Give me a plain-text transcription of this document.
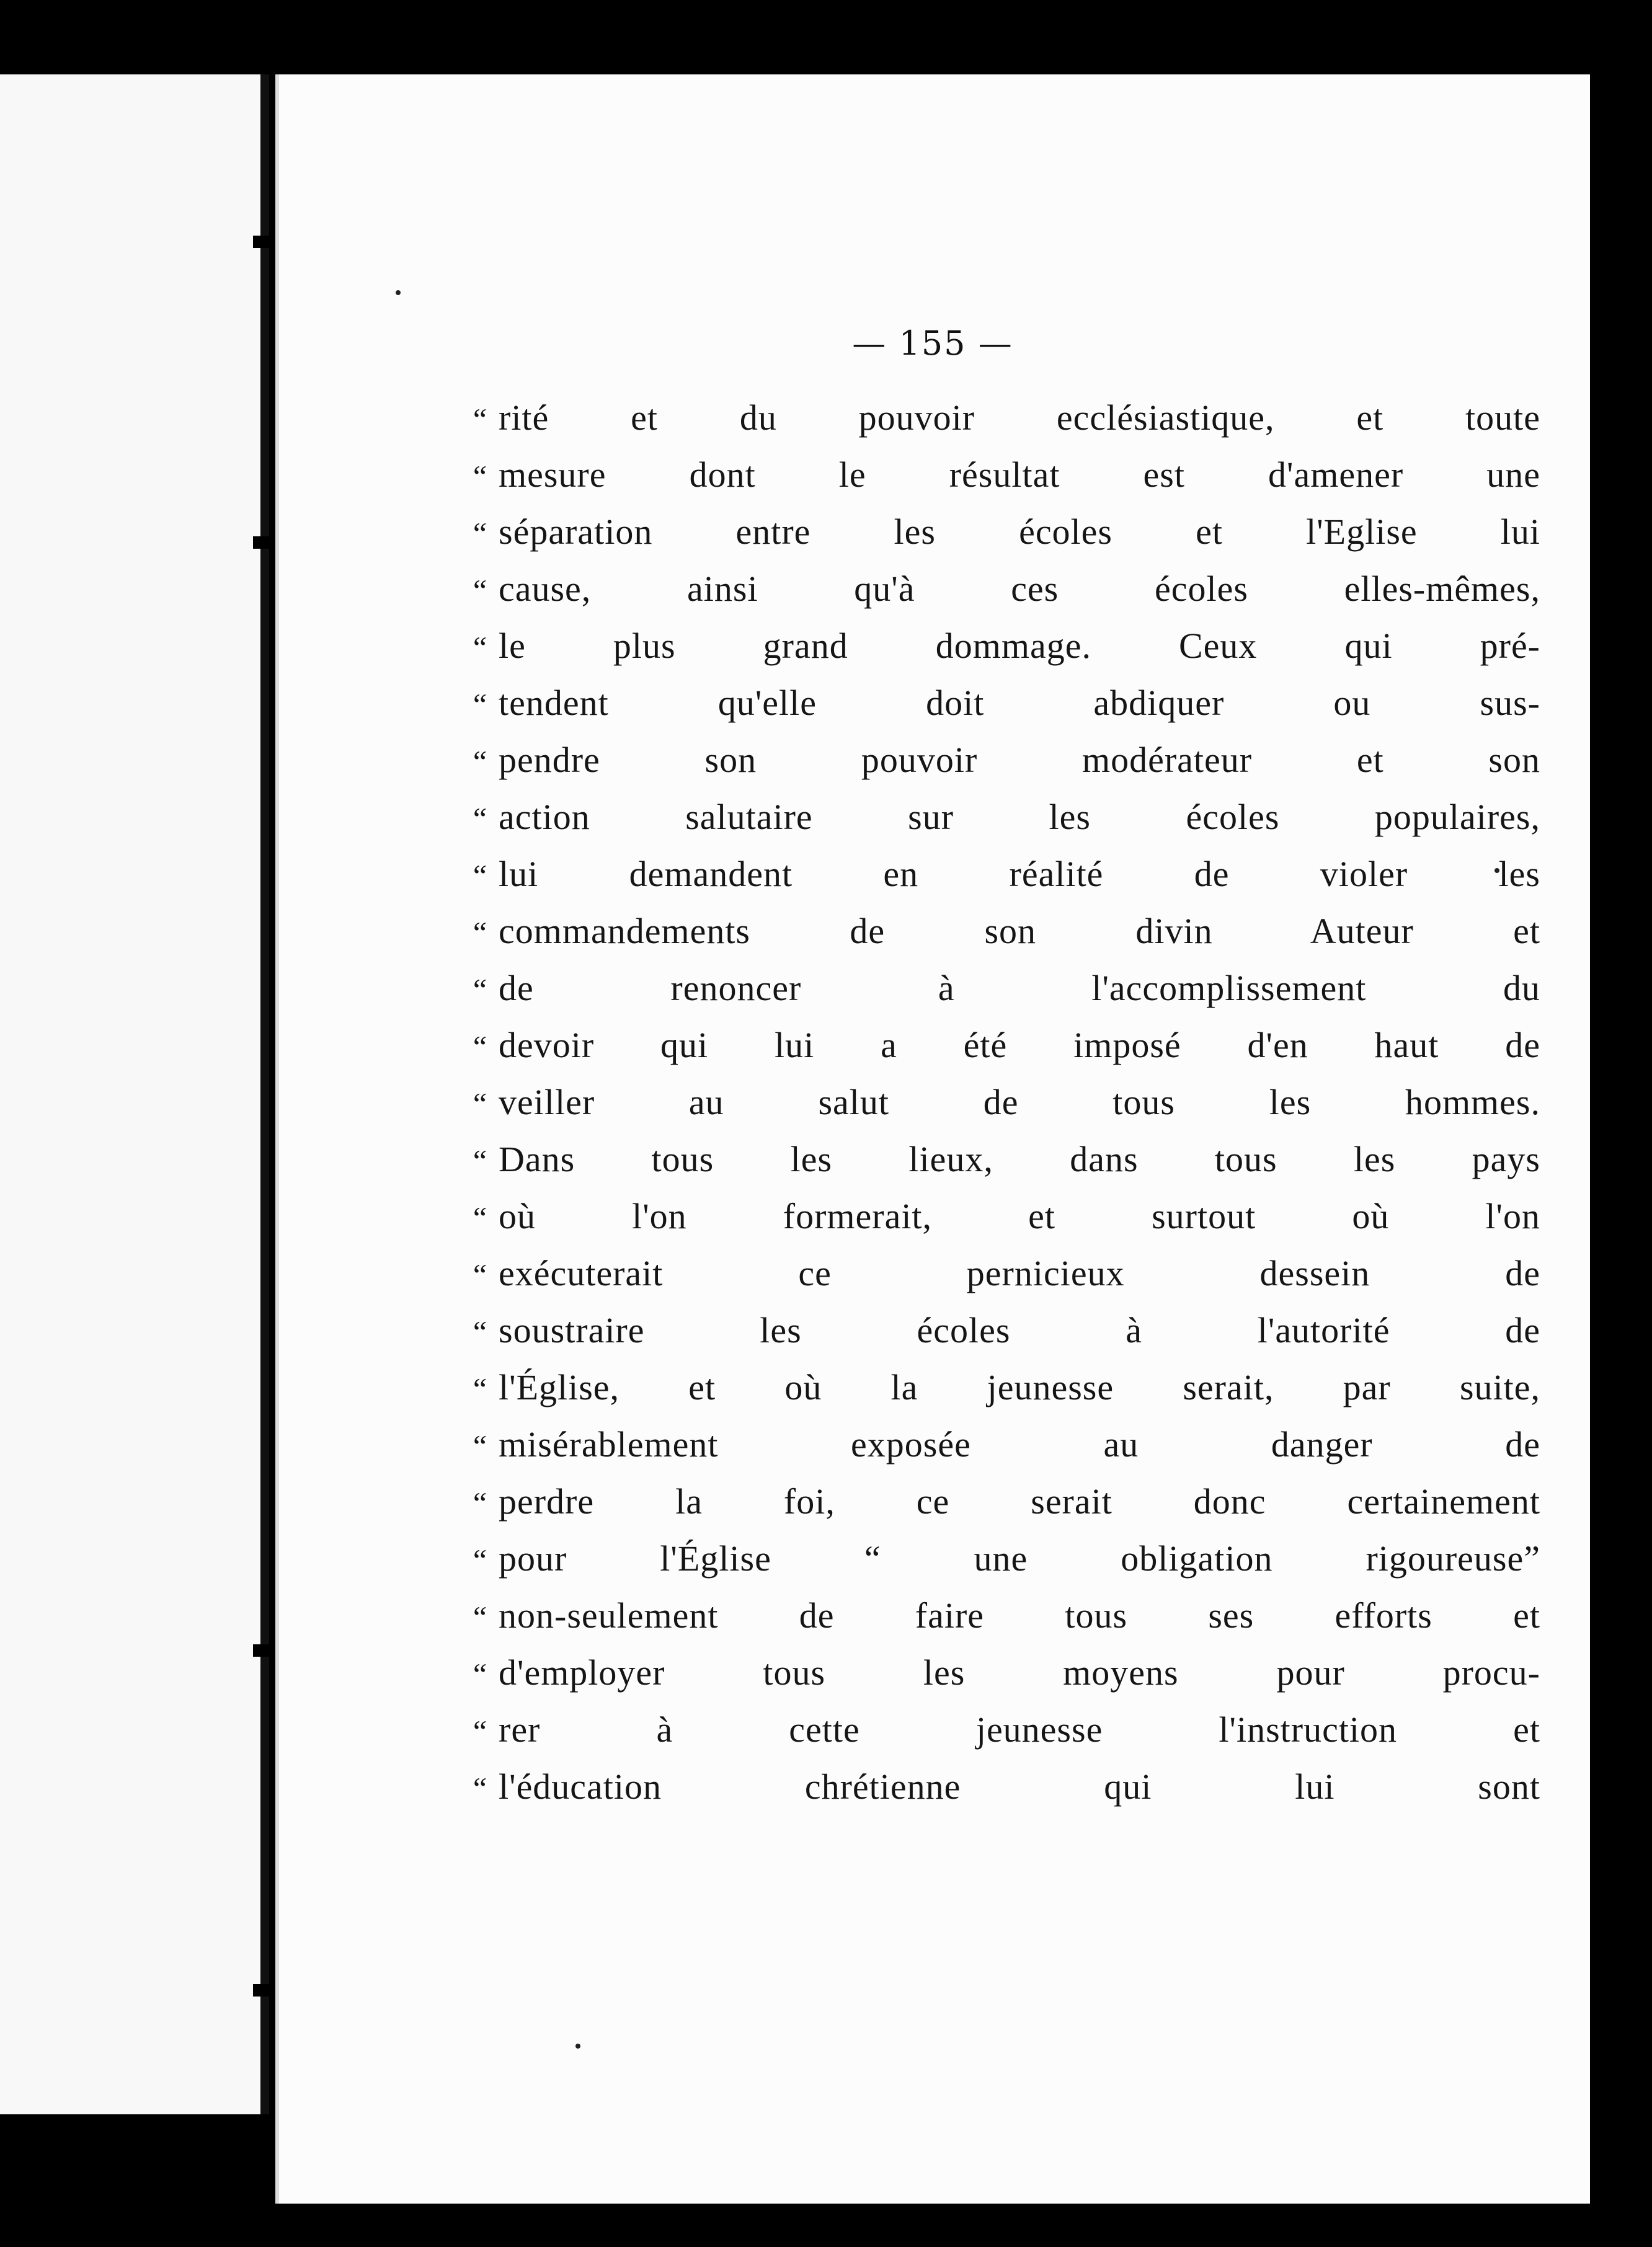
— 155 —
“ rité et du pouvoir ecclésiastique, et toute
“ mesure dont le résultat est d'amener une
“ séparation entre les écoles et l'Eglise lui
“ cause, ainsi qu'à ces écoles elles-mêmes,
“ le plus grand dommage. Ceux qui pré-
“ tendent qu'elle doit abdiquer ou sus-
“ pendre son pouvoir modérateur et son
“ action salutaire sur les écoles populaires,
“ lui demandent en réalité de violer les
“ commandements de son divin Auteur et
“ de renoncer à l'accomplissement du
“ devoir qui lui a été imposé d'en haut de
“ veiller au salut de tous les hommes.
“ Dans tous les lieux, dans tous les pays
“ où l'on formerait, et surtout où l'on
“ exécuterait ce pernicieux dessein de
“ soustraire les écoles à l'autorité de
“ l'Église, et où la jeunesse serait, par suite,
“ misérablement exposée au danger de
“ perdre la foi, ce serait donc certainement
“ pour l'Église “ une obligation rigoureuse”
“ non-seulement de faire tous ses efforts et
“ d'employer tous les moyens pour procu-
“ rer à cette jeunesse l'instruction et
“ l'éducation chrétienne qui lui sont
